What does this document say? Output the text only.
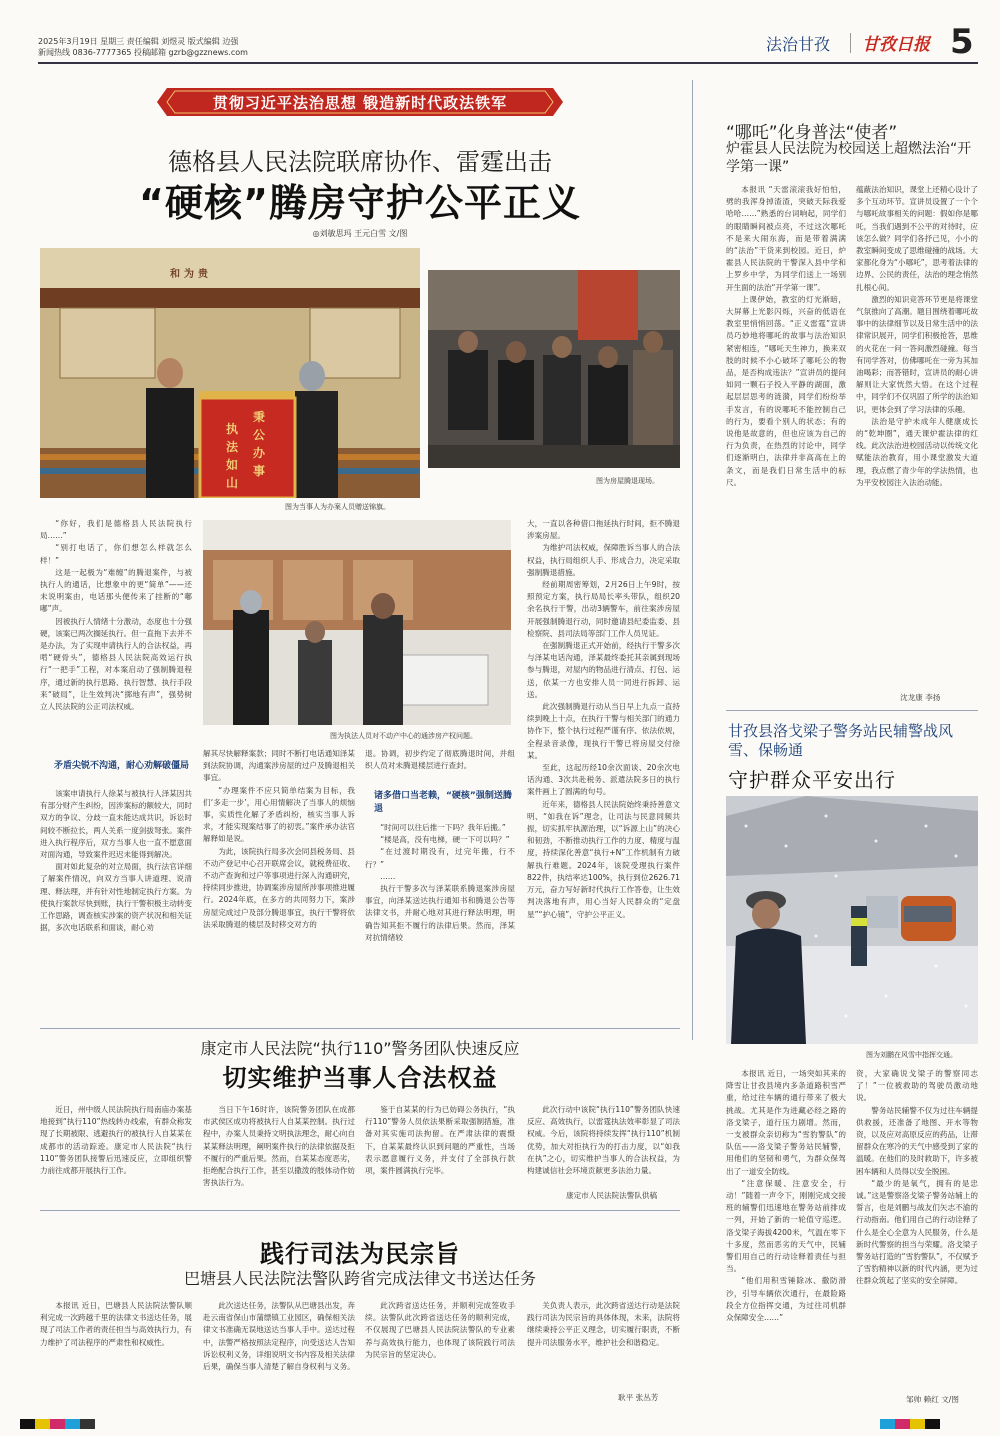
2025年3月19日 星期三 责任编辑 刘煜灵 版式编辑 边强
新闻热线 0836-7777365 投稿邮箱 gzrb@gzznews.com	法治甘孜 甘孜日报 5
贯彻习近平法治思想 锻造新时代政法铁军
德格县人民法院联席协作、雷霆出击
“硬核”腾房守护公平正义
◎刘敏思玛 王元白雪 文/图
和为贵
秉
公
办
事
执
法
如
山
图为当事人为办案人员赠送锦旗。
图为房屋腾退现场。
图为执法人员对不动产中心的通涉房产权问题。

“你好，我们是德格县人民法院执行局……”

“别打电话了，你们想怎么样就怎么样！”

这是一起极为“难缠”的腾退案件，与被执行人的通话，比想象中的更“简单”——还未说明案由，电话那头便传来了挂断的“嘟嘟”声。

因被执行人情绪十分激动，态度也十分强硬，该案已两次搁延执行。但一直拖下去并不是办法，为了实现申请执行人的合法权益，再啃“硬骨头”，德格县人民法院高效运行执行“一把手”工程，对本案启动了强制腾退程序，通过新的执行思路、执行智慧、执行手段来“破局”，让生效判决“掷地有声”，强势树立人民法院的公正司法权威。

矛盾尖锐不沟通，耐心劝解破僵局

该案申请执行人徐某与被执行人泽某因共有部分财产生纠纷，因涉案标的额较大，同时双方的争议、分歧一直未能达成共识，诉讼时间较不断拉长，两人关系一度剑拔弩张。案件进入执行程序后，双方当事人也一直不愿意面对面沟通，导致案件迟迟未能得到解决。

面对如此复杂的对立局面，执行法官详细了解案件情况，向双方当事人讲道理、说清理、释法理，并有针对性地制定执行方案。为使执行案款尽快到账，执行干警积极主动转变工作思路，调查核实涉案的资产状况和相关证据，多次电话联系和面谈，耐心劝

解其尽快解释案款；同时不断打电话通知泽某到法院协调，沟通案涉房屋的过户及腾退相关事宜。

“办理案件不应只简单结案为目标，我们‘多走一步’，用心用情解决了当事人的烦恼事，实质性化解了矛盾纠纷，核实当事人诉求，才能实现案结事了的初衷。”案件承办法官解释如是说。

为此，该院执行局多次会同县税务局、县不动产登记中心召开联席会议，就税费征收、不动产查询和过户等事项进行深入沟通研究，持续同步推进，协调案涉房屋所涉事项推进履行。2024年底，在多方的共同努力下，案涉房屋完成过户及部分腾退事宜，执行干警将依法采取腾退的楼层及时移交对方的

退。协调，初步约定了彻底腾退时间，并组织人员对未腾退楼层进行查封。

诸多借口当老赖，“硬核”强制送腾退

“时间可以往后推一下吗？我年后搬。”

“楼是高，没有电梯，硬一下可以吗？”

“在过渡时期没有，过完年搬，行不行？”

……

执行干警多次与泽某联系腾退案涉房屋事宜，向泽某送达执行通知书和腾退公告等法律文书，并耐心地对其进行释法明理，明确告知其拒不履行的法律后果。然而，泽某对抗情绪较

大，一直以各种借口拖延执行时间，拒不腾退涉案房屋。

为维护司法权威，保障胜诉当事人的合法权益，执行局组织人手、形成合力，决定采取强制腾退措施。

经前期周密筹划，2月26日上午9时，按照预定方案，执行局局长率头带队，组织20余名执行干警，出动3辆警车，前往案涉房屋开展强制腾退行动，同时邀请县纪委监委、县检察院、县司法局等部门工作人员见证。

在强制腾退正式开始前，经执行干警多次与泽某电话沟通，泽某最终委托其亲属到现场参与腾退，对屋内的物品进行清点、打包、运送，依某一方也安排人员一同进行拆卸、运送。

此次强制腾退行动从当日早上九点一直持续到晚上十点，在执行干警与相关部门的通力协作下，整个执行过程严谨有序、依法依规，全程录音录像，现执行干警已将房屋交付徐某。

至此，这起历经10余次面谈、20余次电话沟通、3次共赴税务、派遣法院多日的执行案件画上了圆满的句号。

近年来，德格县人民法院始终秉持善意文明、“如我在诉”理念，让司法与民意同频共振，切实抓牢执源治理，以“诉源上山”的决心和韧劲，不断推动执行工作的力度、精度与温度，持续深化善意“执行+N”工作机制有力破解执行难题。2024年，该院受理执行案件822件，执结率达100%，执行到位2626.71万元，奋力写好新时代执行工作答卷，让生效判决落地有声，用心当好人民群众的“定盘星”“护心镜”，守护公平正义。

“哪吒”化身普法“使者”
炉霍县人民法院为校园送上超燃法治“开学第一课”

本报讯 “天雷滚滚我好怕怕，劈的我浑身掉渣渣，突破天际我爱哈哈……”熟悉的台词响起，同学们的眼睛瞬间被点亮，不过这次哪吒不是来大闹东海，而是带着满满的“法治”干货来到校园。近日，炉霍县人民法院的干警深入县中学和上罗乡中学，为同学们送上一场别开生面的法治“开学第一课”。

上课伊始，教室的灯光渐暗，大屏幕上光影闪烁，兴奋的低语在教室里悄悄回荡。“正义雷霆”宣讲员巧妙地将哪吒的故事与法治知识紧密相连，“哪吒天生神力，换来双肢的时候不小心破坏了哪吒公的物品，是否构成违法？”宣讲员的提问如同一颗石子投入平静的湖面，激起层层思考的涟漪，同学们纷纷举手发言，有的说哪吒不能控制自己的行为，要看个别人的状态；有的说他是故意的，但也应该为自己的行为负责，在热烈的讨论中，同学们逐渐明白，法律并非高高在上的条文，而是我们日常生活中的标尺。

蕴蔽法治知识，课堂上还精心设计了多个互动环节。宣讲员设置了一个个与哪吒故事相关的问题：假如你是哪吒，当我们遇到不公平的对待时，应该怎么做？同学们各抒己见，小小的教室瞬间变成了思维碰撞的战场。大家都化身为“小哪吒”，思考着法律的边界、公民的责任，法治的理念悄然扎根心间。

激烈的知识竞答环节更是将课堂气氛推向了高潮。题目围绕着哪吒故事中的法律细节以及日常生活中的法律常识展开，同学们积极抢答，思维的火花在一问一答间激烈碰撞。每当有同学答对，仿佛哪吒在一旁为其加油喝彩；而答错时，宣讲员的耐心讲解则让大家恍然大悟。在这个过程中，同学们不仅巩固了所学的法治知识，更体会到了学习法律的乐趣。

法治是守护未成年人健康成长的“乾坤圈”，通天课炉霍法律的红线。此次法治进校园活动以传统文化赋能法治教育，用小课堂激发大道理，我点燃了青少年的学法热情，也为平安校园注入法治动能。

沈龙康 李扬
甘孜县洛戈梁子警务站民辅警战风雪、保畅通
守护群众平安出行
图为刘鹏在风雪中指挥交通。

本报讯 近日，一场突如其来的降雪让甘孜县境内多条道路积雪严重，给过往车辆的通行带来了极大挑战。尤其是作为进藏必经之路的洛戈梁子，道行压力剧增。然而，一支被群众亲切称为“雪豹警队”的队伍——洛戈梁子警务站民辅警，用他们的坚韧和勇气，为群众保驾出了一道安全防线。

“注意保暖、注意安全，行动！”随着一声令下，刚刚完成交接班的辅警们迅速地在警务站前排成一列，开始了新的一轮值守巡逻。洛戈梁子海拔4200米，气温在零下十多度，然而恶劣的天气中，民辅警们用自己的行动诠释着责任与担当。

“他们用积雪锤除冰、撒防滑沙，引导车辆依次通行，在最险路段全方位指挥交通，为过往司机群众保障安全……”

资，大家确说戈梁子的警察同志了！”一位被救助的驾驶员激动地说。

警务站民辅警不仅为过往车辆提供救援，还准备了地图、开水等物资，以及应对高原反应的药品，让滞留群众在寒冷的天气中感受到了家的温暖。在他们的及时救助下，许多被困车辆和人员得以安全脱困。

“最少的是氧气，拥有的是忠诚。”这是警察洛戈梁子警务站辅上的誓言，也是刘鹏与战友们矢志不渝的行动指南。他们用自己的行动诠释了什么是全心全意为人民服务，什么是新时代警察的担当与荣耀。洛戈梁子警务站打造的“雪豹警队”，不仅赋予了雪豹精神以新的时代内涵，更为过往群众筑起了坚实的安全屏障。

邹帅 赖红 文/图
康定市人民法院“执行110”警务团队快速反应
切实维护当事人合法权益

近日，州中级人民法院执行局南庙办案基地接到“执行110”热线转办线索，有群众称发现了长期被限、逃避执行的被执行人自某某在成都市的活动踪迹。康定市人民法院“执行110”警务团队接警后迅速反应，立即组织警力前往成都开展执行工作。

当日下午16时许，该院警务团队在成都市武侯区成功将被执行人自某某控制。执行过程中，办案人员秉持文明执法理念，耐心向自某某释法明理，阐明案件执行的法律依据及拒不履行的严重后果。然而，自某某态度恶劣，拒绝配合执行工作，甚至以撒泼的肢体动作妨害执法行为。

鉴于自某某的行为已妨碍公务执行，“执行110”警务人员依法果断采取强制措施，准备对其实施司法拘留。在严肃法律的震慑下，自某某最终认识到问题的严重性，当场表示愿意履行义务，并支付了全部执行款项，案件圆满执行完毕。

此次行动中该院“执行110”警务团队快速反应、高效执行，以雷霆执法效率彰显了司法权威。今后，该院将持续发挥“执行110”机制优势，加大对拒执行为的打击力度，以“如我在执”之心，切实维护当事人的合法权益，为构建诚信社会环境贡献更多法治力量。

康定市人民法院法警队供稿
践行司法为民宗旨
巴塘县人民法院法警队跨省完成法律文书送达任务

本报讯 近日，巴塘县人民法院法警队顺利完成一次跨越千里的法律文书送达任务，展现了司法工作者的责任担当与高效执行力，有力维护了司法程序的严肃性和权威性。

此次送达任务，法警队从巴塘县出发，奔赴云南省保山市蒲缥镇工业园区，确保相关法律文书准确无误地送达当事人手中。送达过程中，法警严格按照法定程序，向受送达人告知诉讼权利义务，详细说明文书内容及相关法律后果，确保当事人清楚了解自身权利与义务。

此次跨省送达任务，并顺利完成签收手续。法警队此次跨省送达任务的顺利完成，不仅展现了巴塘县人民法院法警队的专业素养与高效执行能力，也体现了该院践行司法为民宗旨的坚定决心。

关负责人表示，此次跨省送达行动是法院践行司法为民宗旨的具体体现，未来，法院将继续秉持公平正义理念，切实履行职责，不断提升司法服务水平，维护社会和谐稳定。

耿平 张丛芳
